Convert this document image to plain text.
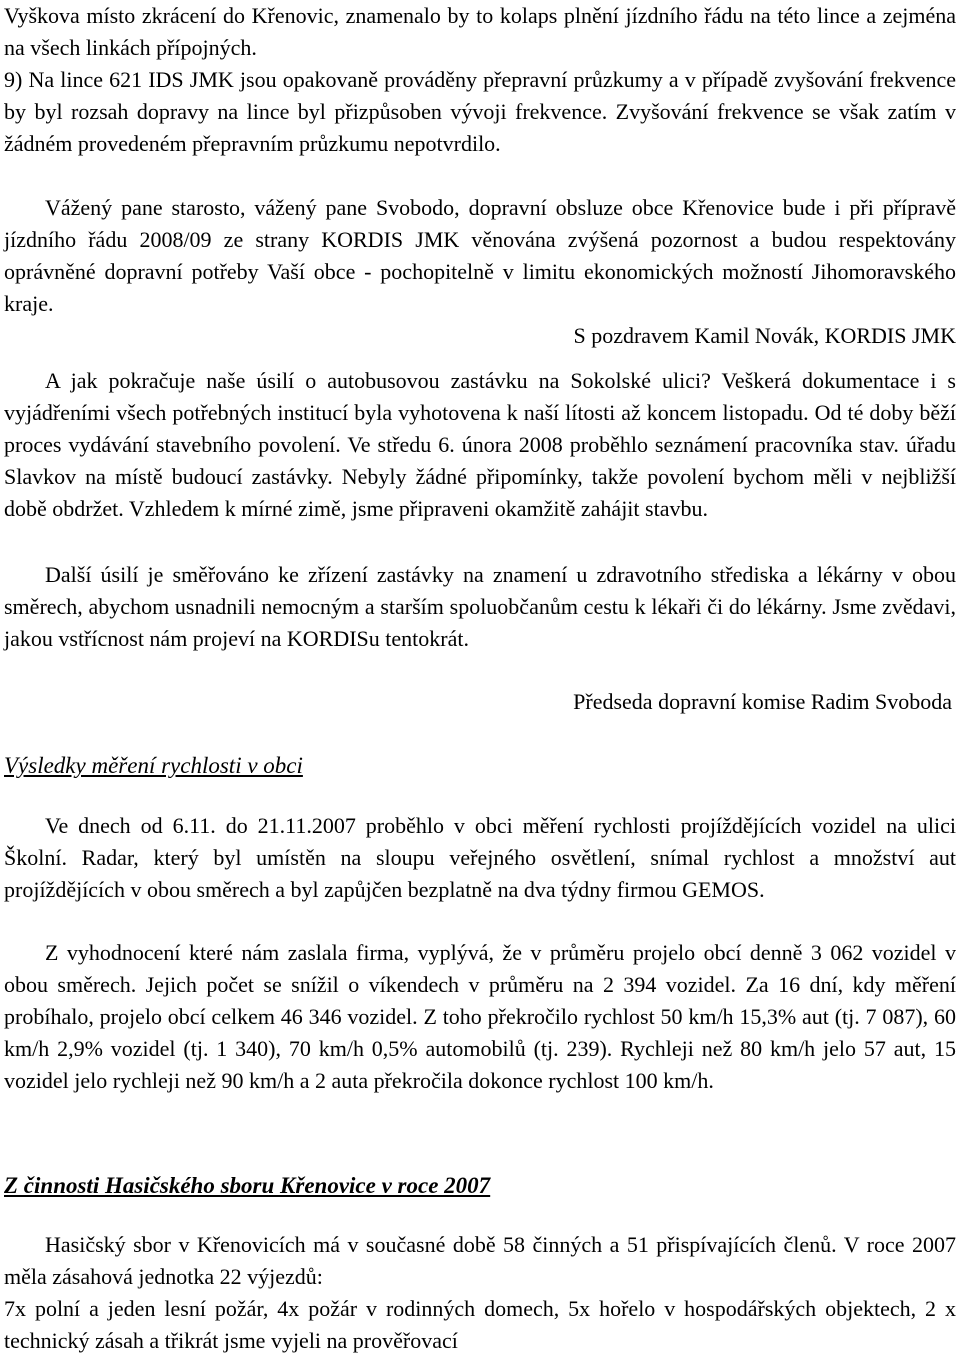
Vyškova místo zkrácení do Křenovic, znamenalo by to kolaps plnění jízdního řádu na této lince a zejména na všech linkách přípojných.

9) Na lince 621 IDS JMK jsou opakovaně prováděny přepravní průzkumy a v případě zvyšování frekvence by byl rozsah dopravy na lince byl přizpůsoben vývoji frekvence. Zvyšování frekvence se však zatím v žádném provedeném přepravním průzkumu nepotvrdilo.

Vážený pane starosto, vážený pane Svobodo, dopravní obsluze obce Křenovice bude i při přípravě jízdního řádu 2008/09 ze strany KORDIS JMK věnována zvýšená pozornost a budou respektovány oprávněné dopravní potřeby Vaší obce - pochopitelně v limitu ekonomických možností Jihomoravského kraje.

S pozdravem Kamil Novák, KORDIS JMK

A jak pokračuje naše úsilí o autobusovou zastávku na Sokolské ulici? Veškerá dokumentace i s vyjádřeními všech potřebných institucí byla vyhotovena k naší lítosti až koncem listopadu. Od té doby běží proces vydávání stavebního povolení. Ve středu 6. února 2008 proběhlo seznámení pracovníka stav. úřadu Slavkov na místě budoucí zastávky. Nebyly žádné připomínky, takže povolení bychom měli v nejbližší době obdržet. Vzhledem k mírné zimě, jsme připraveni okamžitě zahájit stavbu.

Další úsilí je směřováno ke zřízení zastávky na znamení u zdravotního střediska a lékárny v obou směrech, abychom usnadnili nemocným a starším spoluobčanům cestu k lékaři či do lékárny. Jsme zvědavi, jakou vstřícnost nám projeví na KORDISu tentokrát.

Předseda dopravní komise Radim Svoboda

Výsledky měření rychlosti v obci

Ve dnech od 6.11. do 21.11.2007 proběhlo v obci měření rychlosti projíždějících vozidel na ulici Školní. Radar, který byl umístěn na sloupu veřejného osvětlení, snímal rychlost a množství aut projíždějících v obou směrech a byl zapůjčen bezplatně na dva týdny firmou GEMOS.

Z vyhodnocení které nám zaslala firma, vyplývá, že v průměru projelo obcí denně 3 062 vozidel v obou směrech. Jejich počet se snížil o víkendech v průměru na 2 394 vozidel. Za 16 dní, kdy měření probíhalo, projelo obcí celkem 46 346 vozidel. Z toho překročilo rychlost 50 km/h 15,3% aut (tj. 7 087), 60 km/h 2,9% vozidel (tj. 1 340), 70 km/h 0,5% automobilů (tj. 239). Rychleji než 80 km/h jelo 57 aut, 15 vozidel jelo rychleji než 90 km/h a 2 auta překročila dokonce rychlost 100 km/h.

Z činnosti Hasičského sboru Křenovice v roce 2007

Hasičský sbor v Křenovicích má v současné době 58 činných a 51 přispívajících členů. V roce 2007 měla zásahová jednotka 22 výjezdů:

7x polní a jeden lesní požár, 4x požár v rodinných domech, 5x hořelo v hospodářských objektech, 2 x technický zásah a třikrát jsme vyjeli na prověřovací
